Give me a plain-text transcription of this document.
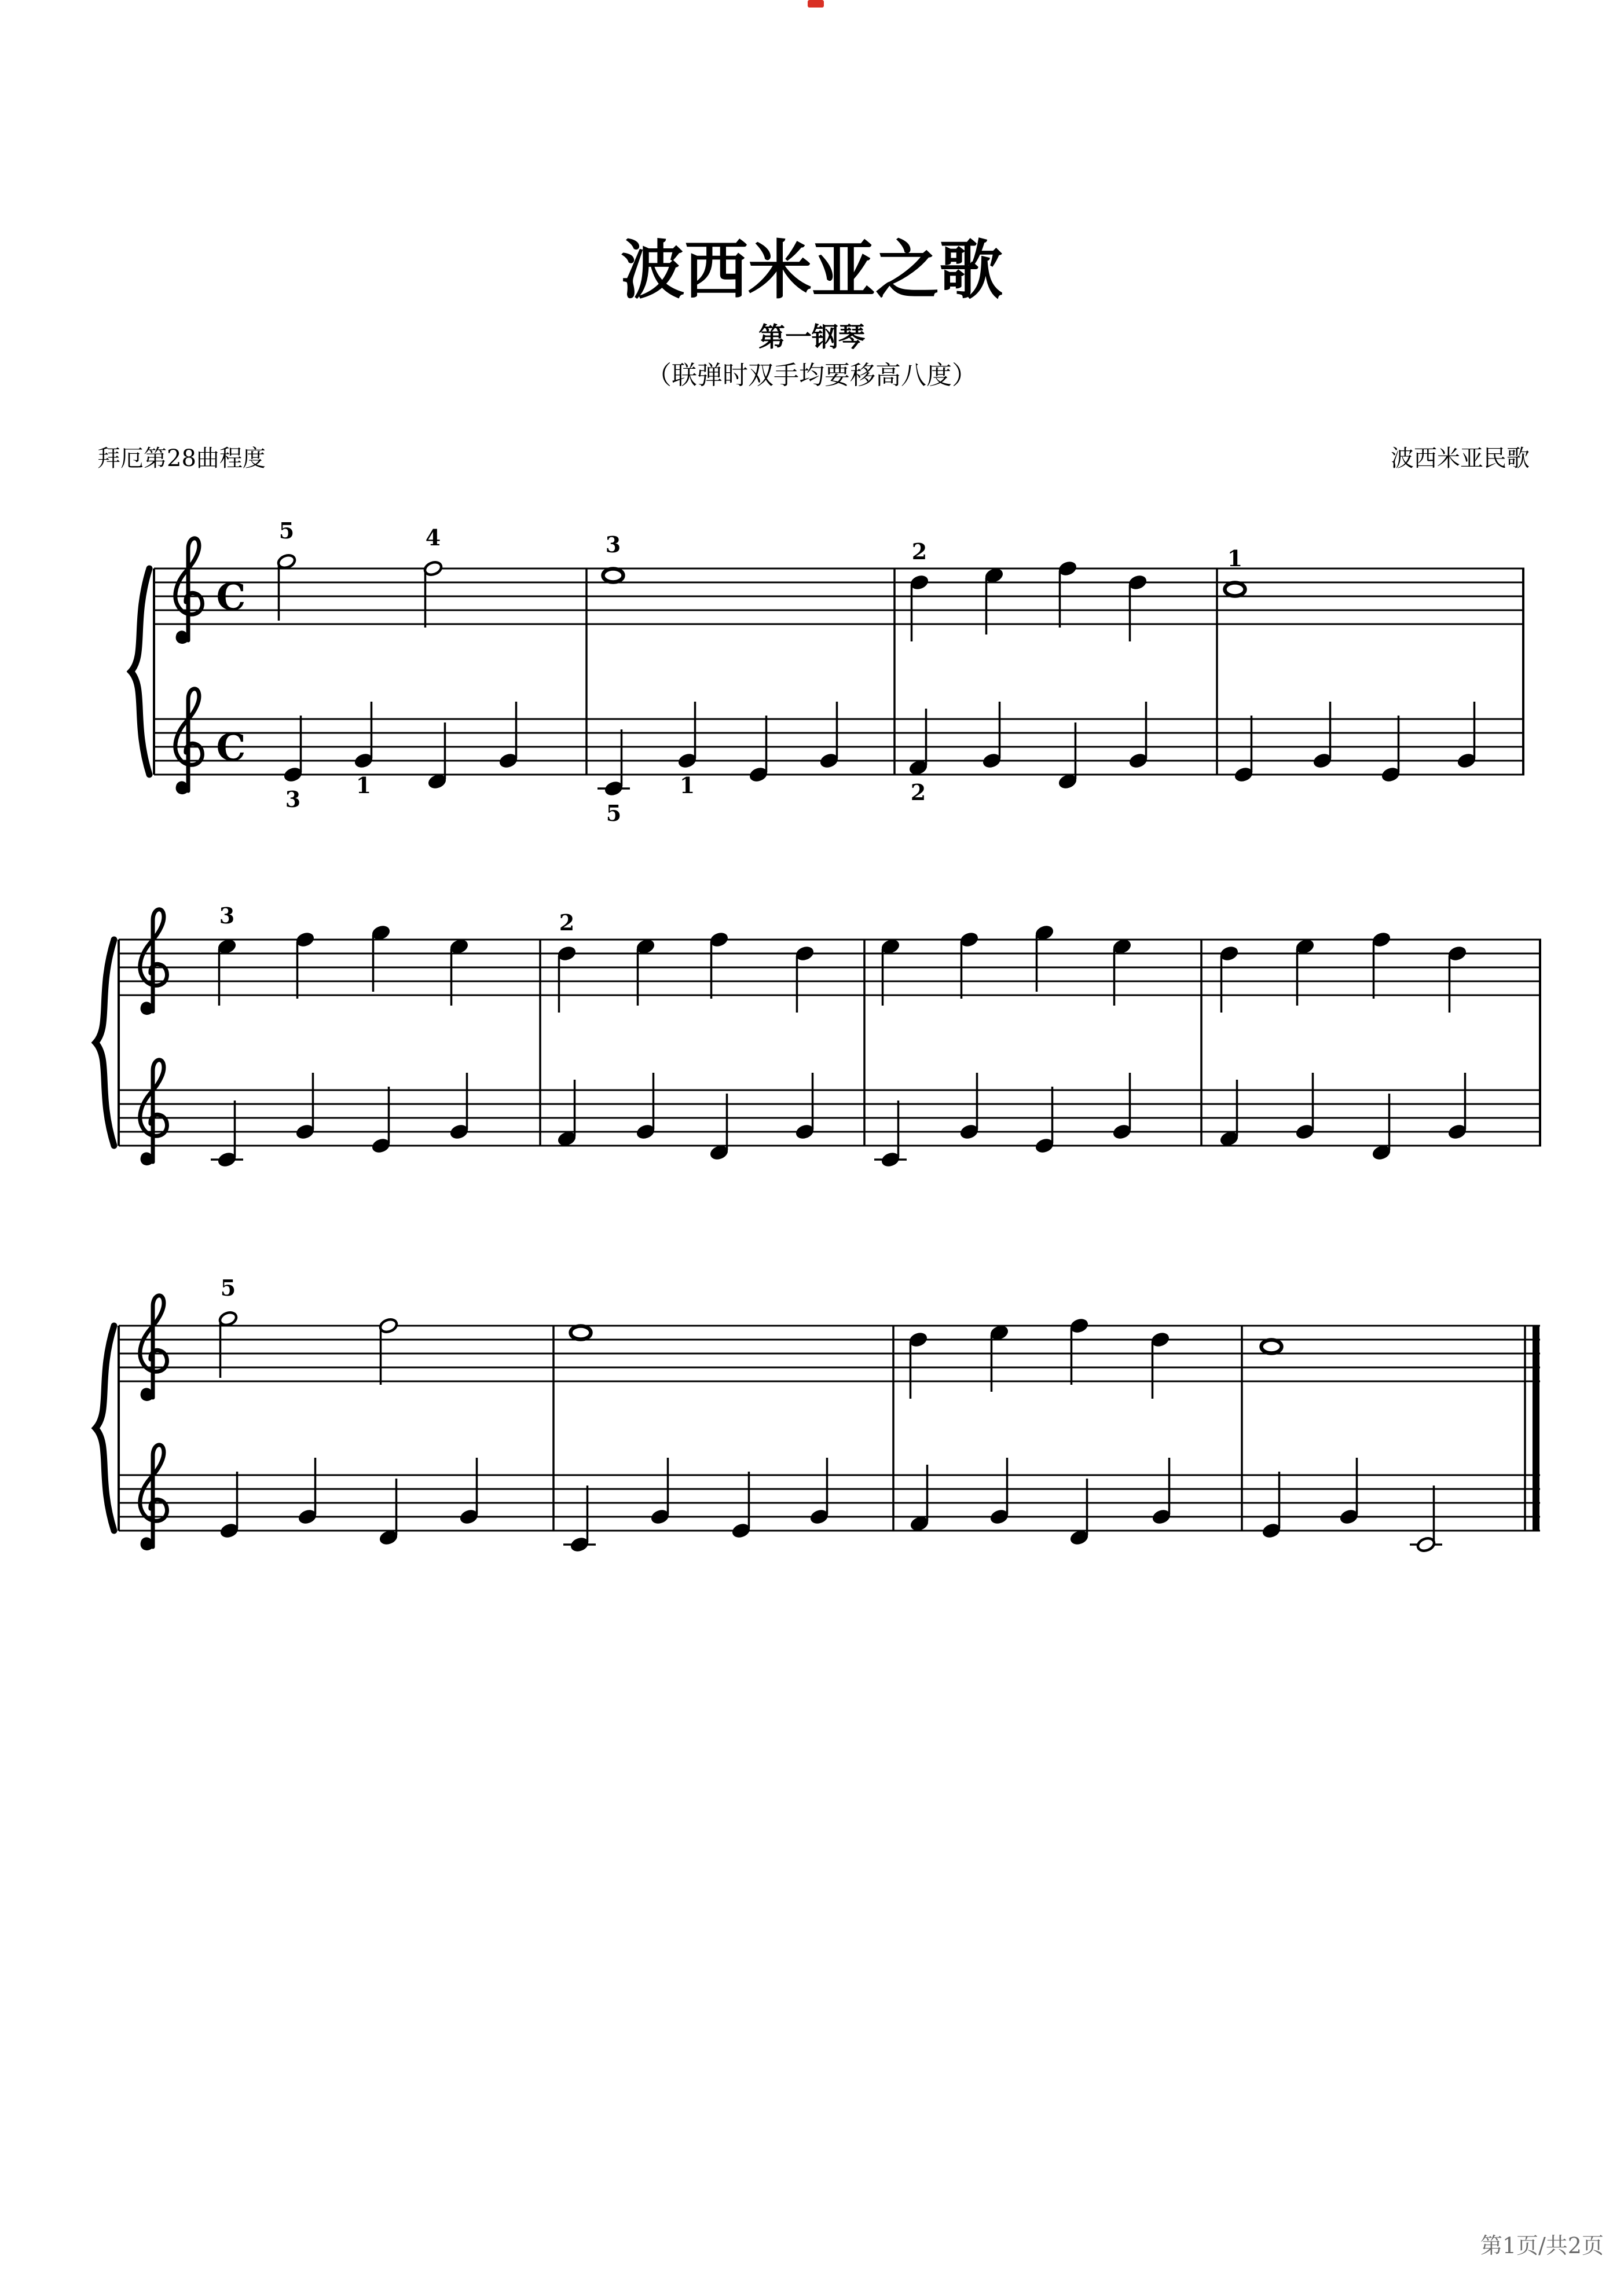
波西米亚之歌
第一钢琴
（联弹时双手均要移高八度）
拜厄第28曲程度	波西米亚民歌
C
C
5	4	3	2	1
3
1
5
1	2
3	2
5
第1页/共2页
